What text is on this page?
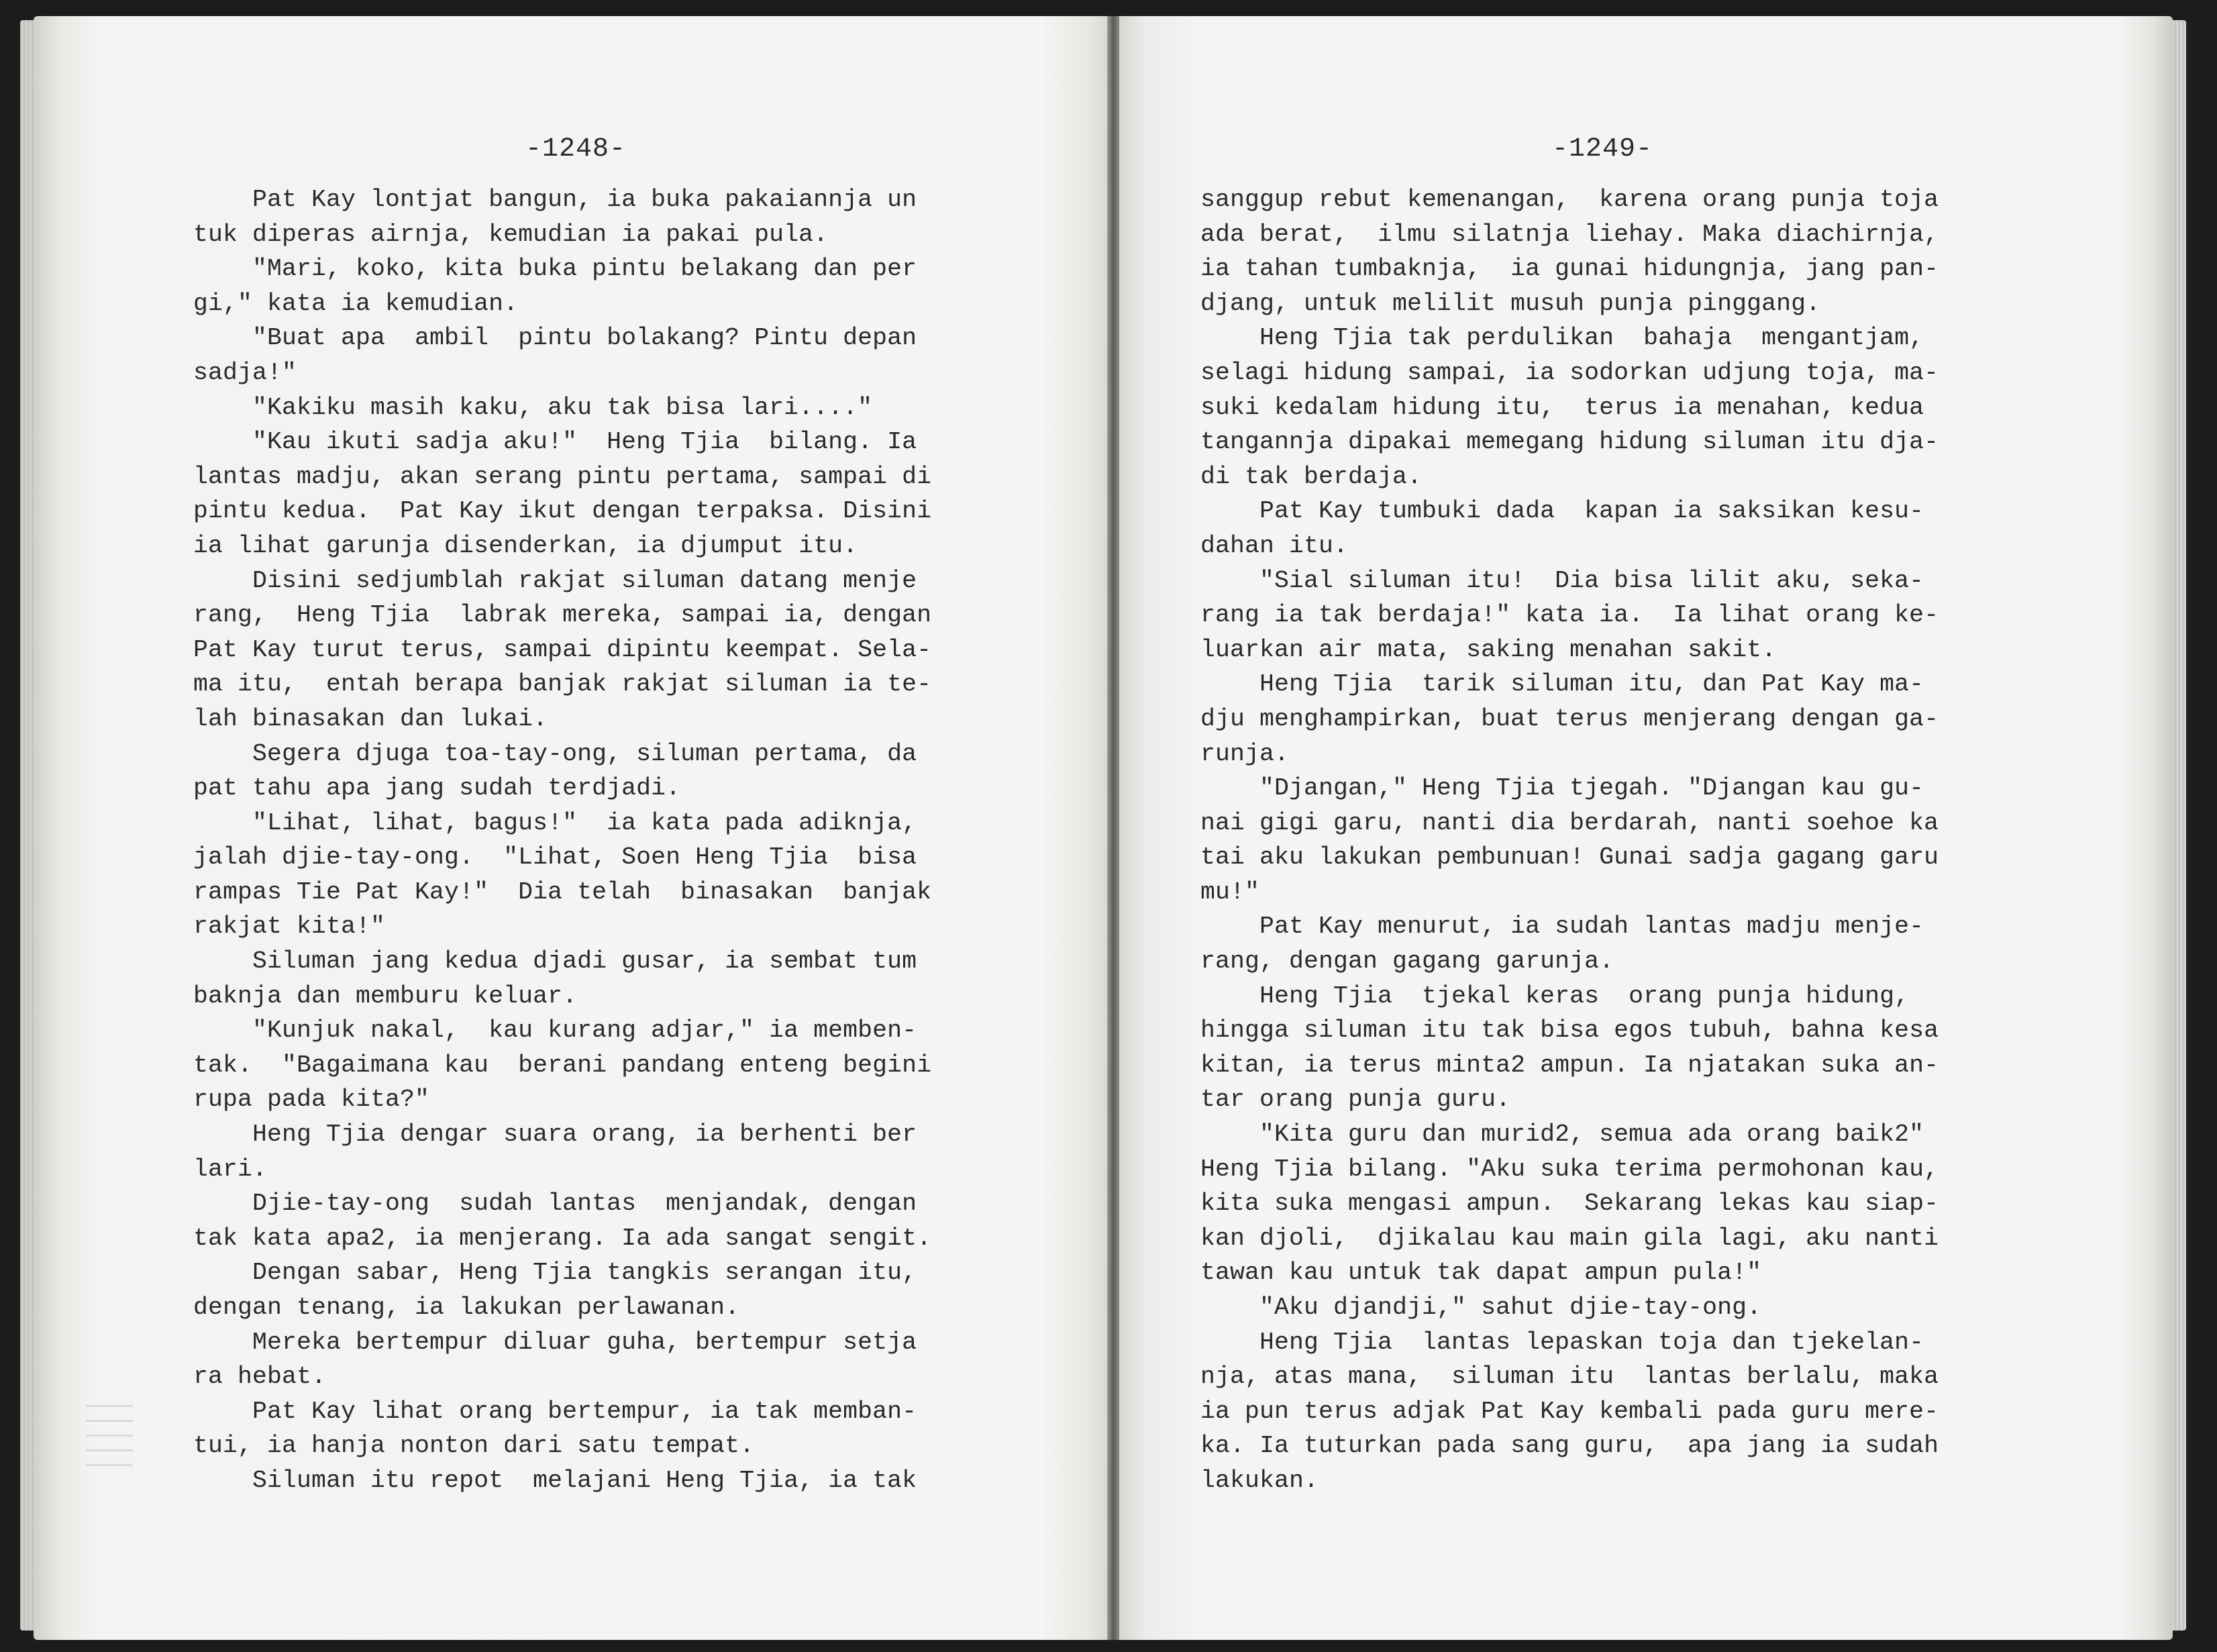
-1248-
Pat Kay lontjat bangun, ia buka pakaiannja un
tuk diperas airnja, kemudian ia pakai pula.
"Mari, koko, kita buka pintu belakang dan per
gi," kata ia kemudian.
"Buat apa  ambil  pintu bolakang? Pintu depan
sadja!"
"Kakiku masih kaku, aku tak bisa lari...."
"Kau ikuti sadja aku!"  Heng Tjia  bilang. Ia
lantas madju, akan serang pintu pertama, sampai di
pintu kedua.  Pat Kay ikut dengan terpaksa. Disini
ia lihat garunja disenderkan, ia djumput itu.
Disini sedjumblah rakjat siluman datang menje
rang,  Heng Tjia  labrak mereka, sampai ia, dengan
Pat Kay turut terus, sampai dipintu keempat. Sela-
ma itu,  entah berapa banjak rakjat siluman ia te-
lah binasakan dan lukai.
Segera djuga toa-tay-ong, siluman pertama, da
pat tahu apa jang sudah terdjadi.
"Lihat, lihat, bagus!"  ia kata pada adiknja,
jalah djie-tay-ong.  "Lihat, Soen Heng Tjia  bisa
rampas Tie Pat Kay!"  Dia telah  binasakan  banjak
rakjat kita!"
Siluman jang kedua djadi gusar, ia sembat tum
baknja dan memburu keluar.
"Kunjuk nakal,  kau kurang adjar," ia memben-
tak.  "Bagaimana kau  berani pandang enteng begini
rupa pada kita?"
Heng Tjia dengar suara orang, ia berhenti ber
lari.
Djie-tay-ong  sudah lantas  menjandak, dengan
tak kata apa2, ia menjerang. Ia ada sangat sengit.
Dengan sabar, Heng Tjia tangkis serangan itu,
dengan tenang, ia lakukan perlawanan.
Mereka bertempur diluar guha, bertempur setja
ra hebat.
Pat Kay lihat orang bertempur, ia tak memban-
tui, ia hanja nonton dari satu tempat.
Siluman itu repot  melajani Heng Tjia, ia tak
-1249-
sanggup rebut kemenangan,  karena orang punja toja
ada berat,  ilmu silatnja liehay. Maka diachirnja,
ia tahan tumbaknja,  ia gunai hidungnja, jang pan-
djang, untuk melilit musuh punja pinggang.
Heng Tjia tak perdulikan  bahaja  mengantjam,
selagi hidung sampai, ia sodorkan udjung toja, ma-
suki kedalam hidung itu,  terus ia menahan, kedua
tangannja dipakai memegang hidung siluman itu dja-
di tak berdaja.
Pat Kay tumbuki dada  kapan ia saksikan kesu-
dahan itu.
"Sial siluman itu!  Dia bisa lilit aku, seka-
rang ia tak berdaja!" kata ia.  Ia lihat orang ke-
luarkan air mata, saking menahan sakit.
Heng Tjia  tarik siluman itu, dan Pat Kay ma-
dju menghampirkan, buat terus menjerang dengan ga-
runja.
"Djangan," Heng Tjia tjegah. "Djangan kau gu-
nai gigi garu, nanti dia berdarah, nanti soehoe ka
tai aku lakukan pembunuan! Gunai sadja gagang garu
mu!"
Pat Kay menurut, ia sudah lantas madju menje-
rang, dengan gagang garunja.
Heng Tjia  tjekal keras  orang punja hidung,
hingga siluman itu tak bisa egos tubuh, bahna kesa
kitan, ia terus minta2 ampun. Ia njatakan suka an-
tar orang punja guru.
"Kita guru dan murid2, semua ada orang baik2"
Heng Tjia bilang. "Aku suka terima permohonan kau,
kita suka mengasi ampun.  Sekarang lekas kau siap-
kan djoli,  djikalau kau main gila lagi, aku nanti
tawan kau untuk tak dapat ampun pula!"
"Aku djandji," sahut djie-tay-ong.
Heng Tjia  lantas lepaskan toja dan tjekelan-
nja, atas mana,  siluman itu  lantas berlalu, maka
ia pun terus adjak Pat Kay kembali pada guru mere-
ka. Ia tuturkan pada sang guru,  apa jang ia sudah
lakukan.
